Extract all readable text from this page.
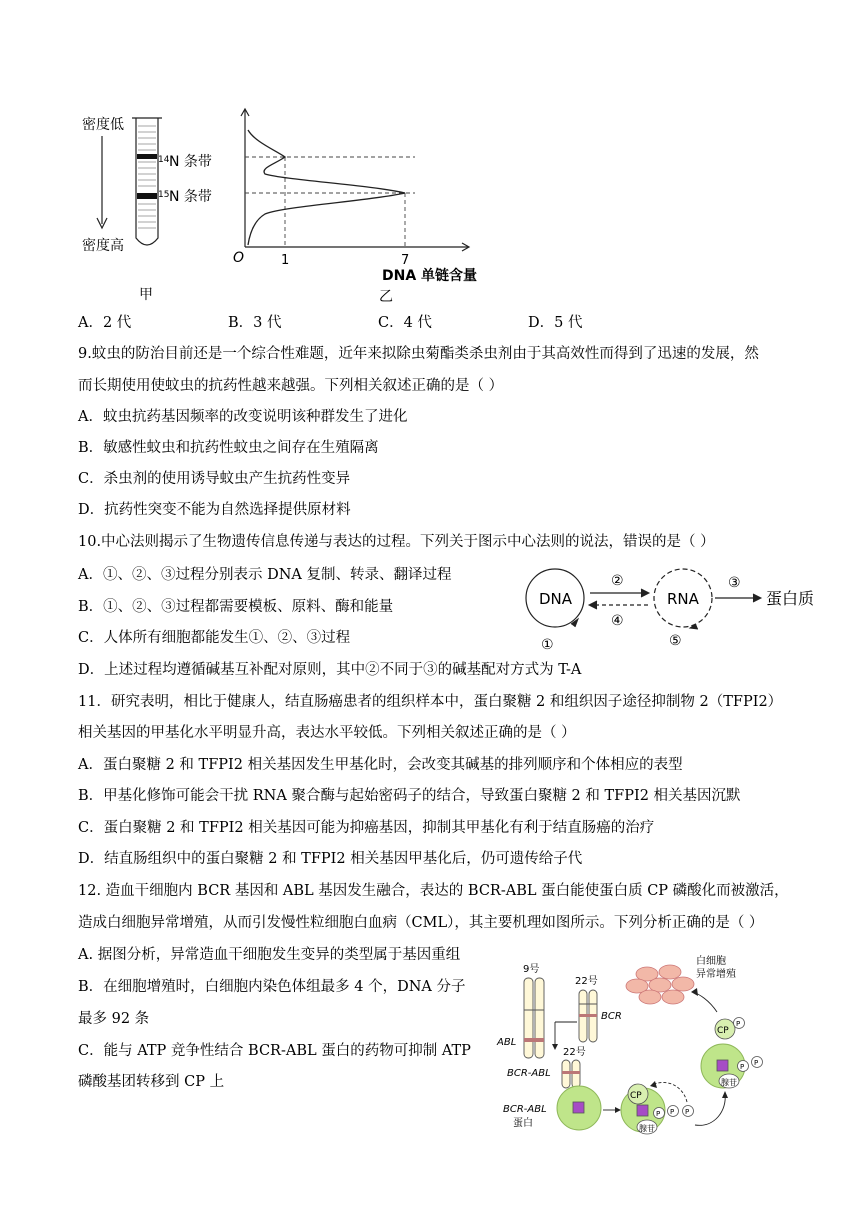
密度低
密度高
14 N 条带
15 N 条带
甲
O	1	7
DNA 单链含量
乙
A．2 代	B．3 代	C．4 代	D．5 代
9.蚊虫的防治目前还是一个综合性难题，近年来拟除虫菊酯类杀虫剂由于其高效性而得到了迅速的发展，然
而长期使用使蚊虫的抗药性越来越强。下列相关叙述正确的是（ ）
A．蚊虫抗药基因频率的改变说明该种群发生了进化
B．敏感性蚊虫和抗药性蚊虫之间存在生殖隔离
C．杀虫剂的使用诱导蚊虫产生抗药性变异
D．抗药性突变不能为自然选择提供原材料
10.中心法则揭示了生物遗传信息传递与表达的过程。下列关于图示中心法则的说法，错误的是（ ）
A．①、②、③过程分别表示 DNA 复制、转录、翻译过程
B．①、②、③过程都需要模板、原料、酶和能量
C．人体所有细胞都能发生①、②、③过程
D．上述过程均遵循碱基互补配对原则，其中②不同于③的碱基配对方式为 T-A
DNA	RNA	蛋白质
②
④
③
①	⑤
11．研究表明，相比于健康人，结直肠癌患者的组织样本中，蛋白聚糖 2 和组织因子途径抑制物 2（TFPI2）
相关基因的甲基化水平明显升高，表达水平较低。下列相关叙述正确的是（ ）
A．蛋白聚糖 2 和 TFPI2 相关基因发生甲基化时，会改变其碱基的排列顺序和个体相应的表型
B．甲基化修饰可能会干扰 RNA 聚合酶与起始密码子的结合，导致蛋白聚糖 2 和 TFPI2 相关基因沉默
C．蛋白聚糖 2 和 TFPI2 相关基因可能为抑癌基因，抑制其甲基化有利于结直肠癌的治疗
D．结直肠组织中的蛋白聚糖 2 和 TFPI2 相关基因甲基化后，仍可遗传给子代
12. 造血干细胞内 BCR 基因和 ABL 基因发生融合，表达的 BCR-ABL 蛋白能使蛋白质 CP 磷酸化而被激活，
造成白细胞异常增殖，从而引发慢性粒细胞白血病（CML），其主要机理如图所示。下列分析正确的是（ ）
A. 据图分析，异常造血干细胞发生变异的类型属于基因重组
B．在细胞增殖时，白细胞内染色体组最多 4 个，DNA 分子
最多 92 条
C．能与 ATP 竞争性结合 BCR-ABL 蛋白的药物可抑制 ATP
磷酸基团转移到 CP 上
9号
ABL
22号
BCR
22号
BCR-ABL
BCR-ABL
蛋白
CP
腺苷
P P P
CP
P
P P
腺苷
白细胞
异常增殖
